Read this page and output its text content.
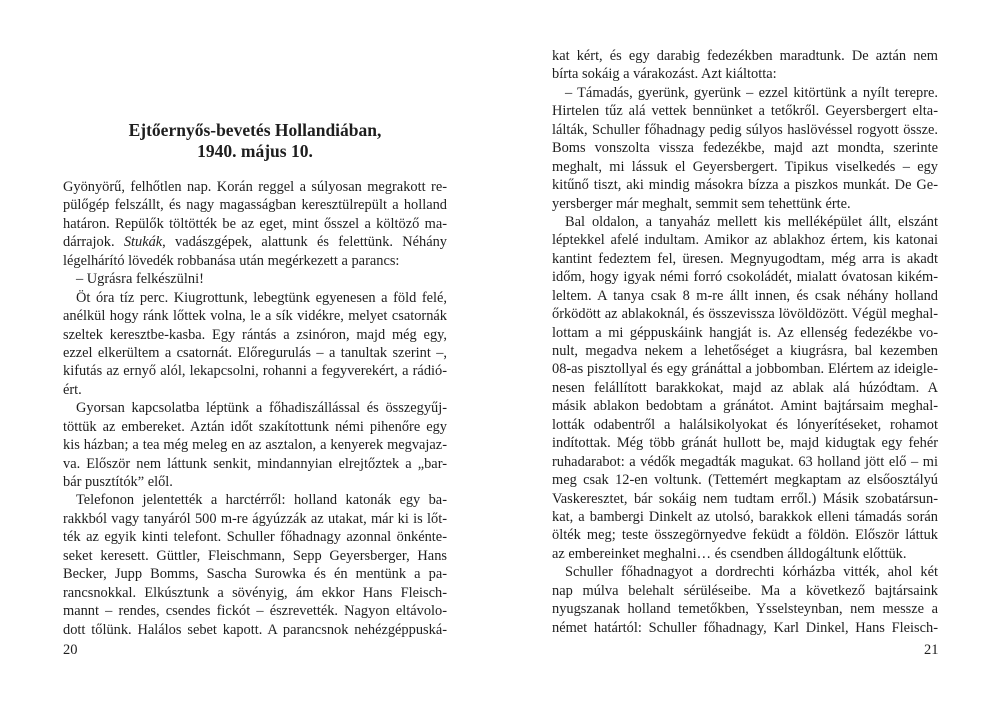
Ejtőernyős-bevetés Hollandiában,
1940. május 10.
Gyönyörű, felhőtlen nap. Korán reggel a súlyosan megrakott re-
pülőgép felszállt, és nagy magasságban keresztülrepült a holland
határon. Repülők töltötték be az eget, mint ősszel a költöző ma-
dárrajok. Stukák, vadászgépek, alattunk és felettünk. Néhány
légelhárító lövedék robbanása után megérkezett a parancs:
– Ugrásra felkészülni!
Öt óra tíz perc. Kiugrottunk, lebegtünk egyenesen a föld felé,
anélkül hogy ránk lőttek volna, le a sík vidékre, melyet csatornák
szeltek keresztbe-kasba. Egy rántás a zsinóron, majd még egy,
ezzel elkerültem a csatornát. Előregurulás – a tanultak szerint –,
kifutás az ernyő alól, lekapcsolni, rohanni a fegyverekért, a rádió-
ért.
Gyorsan kapcsolatba léptünk a főhadiszállással és összegyűj-
töttük az embereket. Aztán időt szakítottunk némi pihenőre egy
kis házban; a tea még meleg en az asztalon, a kenyerek megvajaz-
va. Először nem láttunk senkit, mindannyian elrejtőztek a „bar-
bár pusztítók” elől.
Telefonon jelentették a harctérről: holland katonák egy ba-
rakkból vagy tanyáról 500 m-re ágyúzzák az utakat, már ki is lőt-
ték az egyik kinti telefont. Schuller főhadnagy azonnal önkénte-
seket keresett. Güttler, Fleischmann, Sepp Geyersberger, Hans
Becker, Jupp Bomms, Sascha Surowka és én mentünk a pa-
rancsnokkal. Elkúsztunk a sövényig, ám ekkor Hans Fleisch-
mannt – rendes, csendes fickót – észrevették. Nagyon eltávolo-
dott tőlünk. Halálos sebet kapott. A parancsnok nehézgéppuská-
20
kat kért, és egy darabig fedezékben maradtunk. De aztán nem
bírta sokáig a várakozást. Azt kiáltotta:
– Támadás, gyerünk, gyerünk – ezzel kitörtünk a nyílt terepre.
Hirtelen tűz alá vettek bennünket a tetőkről. Geyersbergert elta-
lálták, Schuller főhadnagy pedig súlyos haslövéssel rogyott össze.
Boms vonszolta vissza fedezékbe, majd azt mondta, szerinte
meghalt, mi lássuk el Geyersbergert. Tipikus viselkedés – egy
kitűnő tiszt, aki mindig másokra bízza a piszkos munkát. De Ge-
yersberger már meghalt, semmit sem tehettünk érte.
Bal oldalon, a tanyaház mellett kis melléképület állt, elszánt
léptekkel afelé indultam. Amikor az ablakhoz értem, kis katonai
kantint fedeztem fel, üresen. Megnyugodtam, még arra is akadt
időm, hogy igyak némi forró csokoládét, mialatt óvatosan kikém-
leltem. A tanya csak 8 m-re állt innen, és csak néhány holland
őrködött az ablakoknál, és összevissza lövöldözött. Végül meghal-
lottam a mi géppuskáink hangját is. Az ellenség fedezékbe vo-
nult, megadva nekem a lehetőséget a kiugrásra, bal kezemben
08-as pisztollyal és egy gránáttal a jobbomban. Elértem az ideigle-
nesen felállított barakkokat, majd az ablak alá húzódtam. A
másik ablakon bedobtam a gránátot. Amint bajtársaim meghal-
lották odabentről a halálsikolyokat és lónyerítéseket, rohamot
indítottak. Még több gránát hullott be, majd kidugtak egy fehér
ruhadarabot: a védők megadták magukat. 63 holland jött elő – mi
meg csak 12-en voltunk. (Tettemért megkaptam az elsőosztályú
Vaskeresztet, bár sokáig nem tudtam erről.) Másik szobatársun-
kat, a bambergi Dinkelt az utolsó, barakkok elleni támadás során
ölték meg; teste összegörnyedve feküdt a földön. Először láttuk
az embereinket meghalni… és csendben álldogáltunk előttük.
Schuller főhadnagyot a dordrechti kórházba vitték, ahol két
nap múlva belehalt sérüléseibe. Ma a következő bajtársaink
nyugszanak holland temetőkben, Ysselsteynban, nem messze a
német határtól: Schuller főhadnagy, Karl Dinkel, Hans Fleisch-
21
